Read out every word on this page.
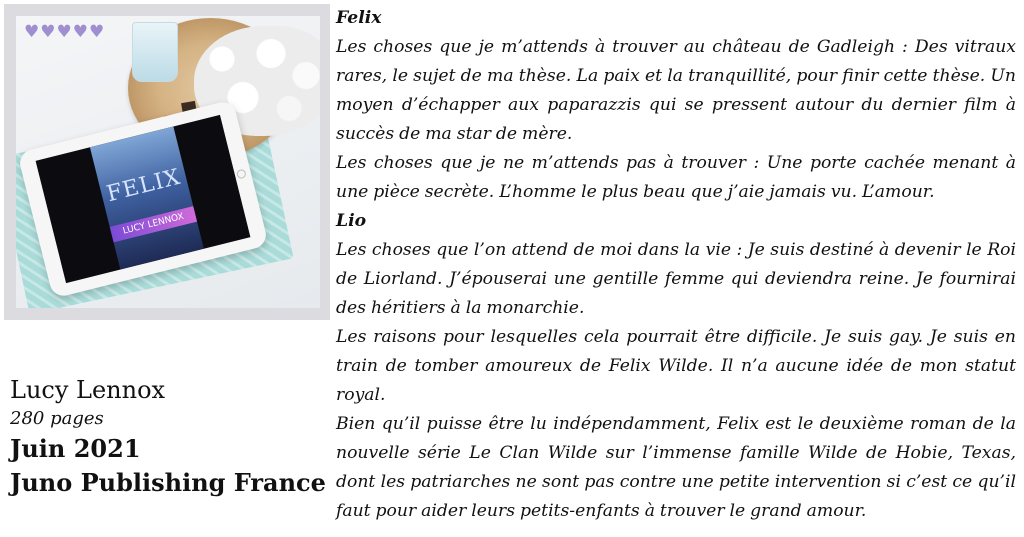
FELIX
LUCY LENNOX
♥♥♥♥♥
Lucy Lennox
280 pages
Juin 2021
Juno Publishing France

Felix

Les choses que je m’attends à trouver au château de Gadleigh : Des vitraux rares, le sujet de ma thèse. La paix et la tranquillité, pour finir cette thèse. Un moyen d’échapper aux paparazzis qui se pressent autour du dernier film à succès de ma star de mère.

Les choses que je ne m’attends pas à trouver : Une porte cachée menant à une pièce secrète. L’homme le plus beau que j’aie jamais vu. L’amour.

Lio

Les choses que l’on attend de moi dans la vie : Je suis destiné à devenir le Roi de Liorland. J’épouserai une gentille femme qui deviendra reine. Je fournirai des héritiers à la monarchie.

Les raisons pour lesquelles cela pourrait être difficile. Je suis gay. Je suis en train de tomber amoureux de Felix Wilde. Il n’a aucune idée de mon statut royal.

Bien qu’il puisse être lu indépendamment, Felix est le deuxième roman de la nouvelle série Le Clan Wilde sur l’immense famille Wilde de Hobie, Texas, dont les patriarches ne sont pas contre une petite intervention si c’est ce qu’il faut pour aider leurs petits-enfants à trouver le grand amour.
